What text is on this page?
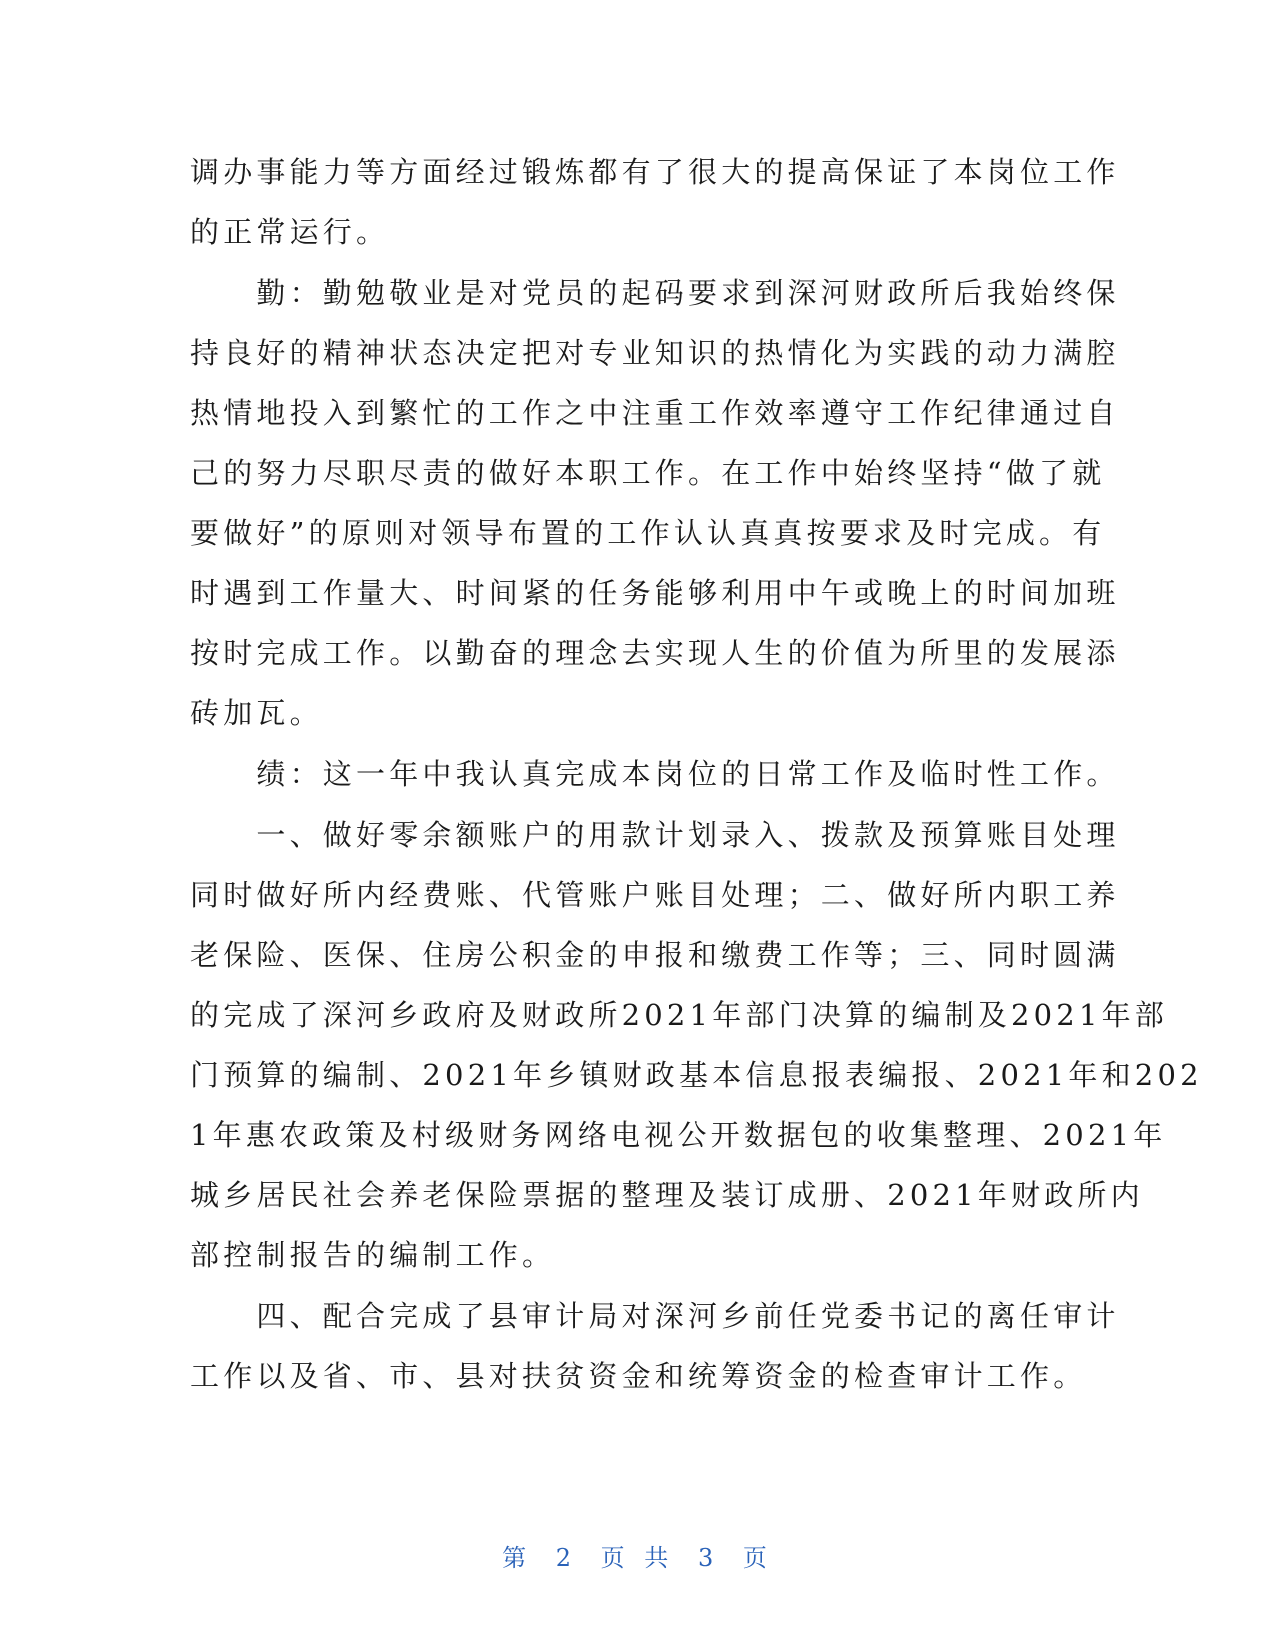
调办事能力等方面经过锻炼都有了很大的提高保证了本岗位工作
的正常运行。
　　勤：勤勉敬业是对党员的起码要求到深河财政所后我始终保
持良好的精神状态决定把对专业知识的热情化为实践的动力满腔
热情地投入到繁忙的工作之中注重工作效率遵守工作纪律通过自
己的努力尽职尽责的做好本职工作。在工作中始终坚持“做了就
要做好”的原则对领导布置的工作认认真真按要求及时完成。有
时遇到工作量大、时间紧的任务能够利用中午或晚上的时间加班
按时完成工作。以勤奋的理念去实现人生的价值为所里的发展添
砖加瓦。
　　绩：这一年中我认真完成本岗位的日常工作及临时性工作。
　　一、做好零余额账户的用款计划录入、拨款及预算账目处理
同时做好所内经费账、代管账户账目处理；二、做好所内职工养
老保险、医保、住房公积金的申报和缴费工作等；三、同时圆满
的完成了深河乡政府及财政所2021年部门决算的编制及2021年部
门预算的编制、2021年乡镇财政基本信息报表编报、2021年和202
1年惠农政策及村级财务网络电视公开数据包的收集整理、2021年
城乡居民社会养老保险票据的整理及装订成册、2021年财政所内
部控制报告的编制工作。
　　四、配合完成了县审计局对深河乡前任党委书记的离任审计
工作以及省、市、县对扶贫资金和统筹资金的检查审计工作。
第 2 页 共 3 页
